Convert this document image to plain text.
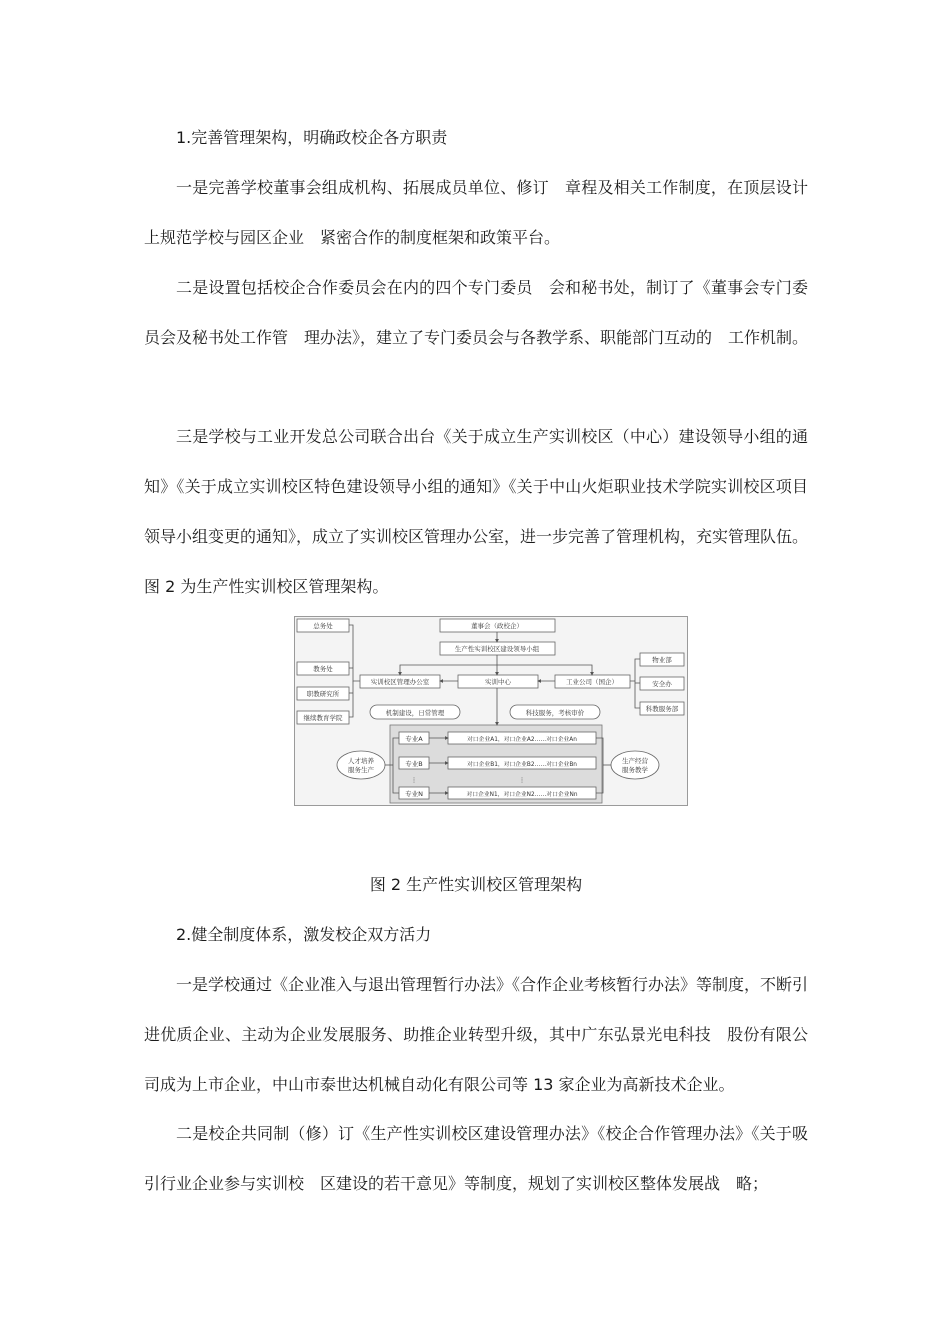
1.完善管理架构，明确政校企各方职责

一是完善学校董事会组成机构、拓展成员单位、修订　章程及相关工作制度，在顶层设计上规范学校与园区企业　紧密合作的制度框架和政策平台。

二是设置包括校企合作委员会在内的四个专门委员　会和秘书处，制订了《董事会专门委员会及秘书处工作管　理办法》，建立了专门委员会与各教学系、职能部门互动的　工作机制。

三是学校与工业开发总公司联合出台《关于成立生产实训校区（中心）建设领导小组的通知》《关于成立实训校区特色建设领导小组的通知》《关于中山火炬职业技术学院实训校区项目领导小组变更的通知》，成立了实训校区管理办公室，进一步完善了管理机构，充实管理队伍。图 2 为生产性实训校区管理架构。

董事会（政校企）
生产性实训校区建设领导小组
实训校区管理办公室	实训中心	工业公司（国企）
总务处
教务处
职教研究所
继续教育学院
物业部
安全办
科教服务部
机制建设，日常管理	科技服务，考核审价
专业A
专业B
专业N
对口企业A1，对口企业A2……对口企业An
对口企业B1，对口企业B2……对口企业Bn
对口企业N1，对口企业N2……对口企业Nn
⋮	⋮
人才培养
服务生产
生产经营
服务教学
图 2 生产性实训校区管理架构

2.健全制度体系，激发校企双方活力

一是学校通过《企业准入与退出管理暂行办法》《合作企业考核暂行办法》等制度，不断引进优质企业、主动为企业发展服务、助推企业转型升级，其中广东弘景光电科技　股份有限公司成为上市企业，中山市泰世达机械自动化有限公司等 13 家企业为高新技术企业。

二是校企共同制（修）订《生产性实训校区建设管理办法》《校企合作管理办法》《关于吸引行业企业参与实训校　区建设的若干意见》等制度，规划了实训校区整体发展战　略；
